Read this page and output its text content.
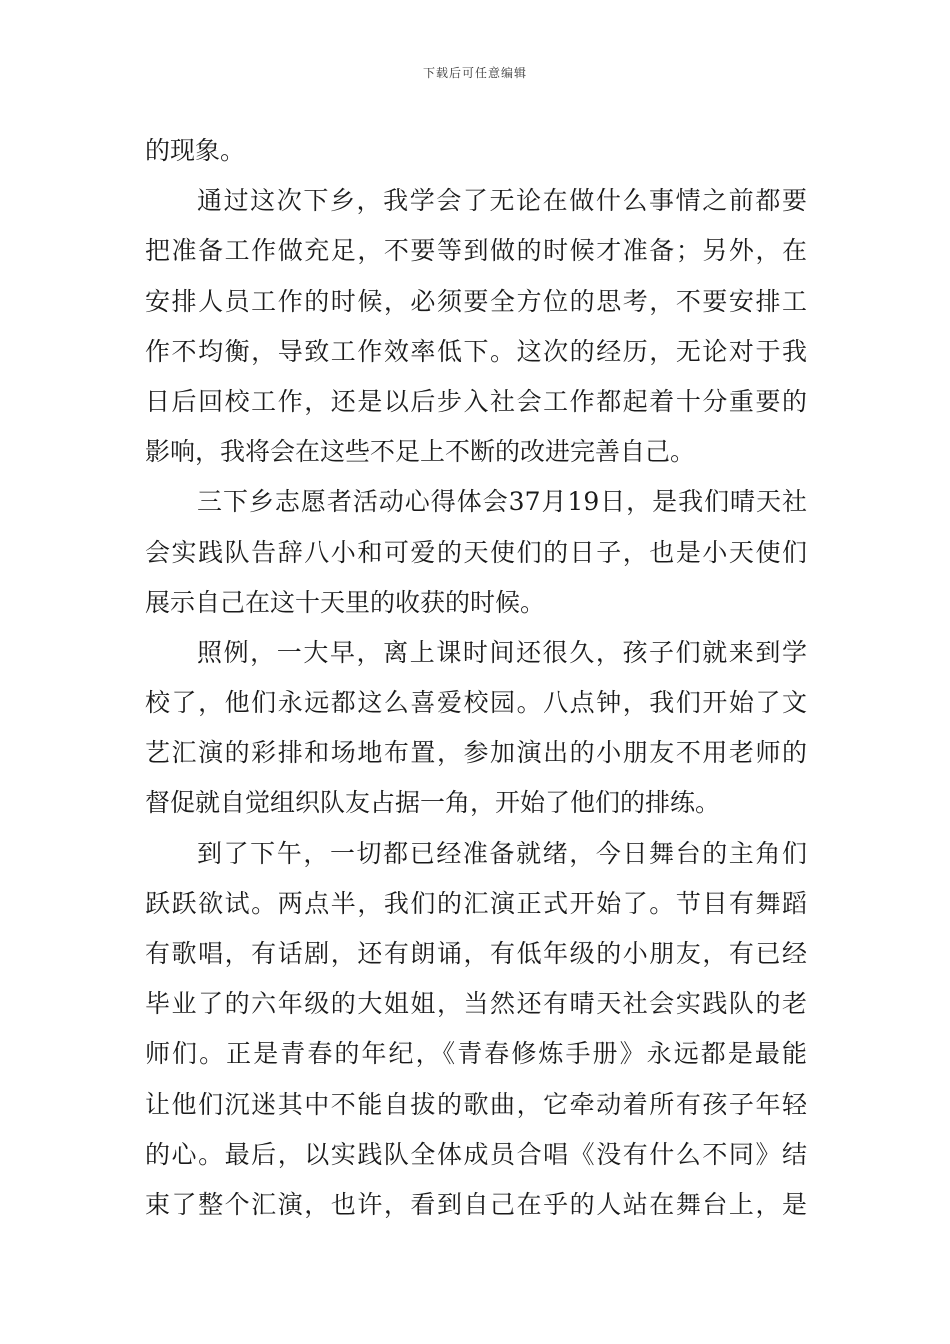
下载后可任意编辑
的现象。
通过这次下乡，我学会了无论在做什么事情之前都要
把准备工作做充足，不要等到做的时候才准备；另外，在
安排人员工作的时候，必须要全方位的思考，不要安排工
作不均衡，导致工作效率低下。这次的经历，无论对于我
日后回校工作，还是以后步入社会工作都起着十分重要的
影响，我将会在这些不足上不断的改进完善自己。
三下乡志愿者活动心得体会37月19日，是我们晴天社
会实践队告辞八小和可爱的天使们的日子，也是小天使们
展示自己在这十天里的收获的时候。
照例，一大早，离上课时间还很久，孩子们就来到学
校了，他们永远都这么喜爱校园。八点钟，我们开始了文
艺汇演的彩排和场地布置，参加演出的小朋友不用老师的
督促就自觉组织队友占据一角，开始了他们的排练。
到了下午，一切都已经准备就绪，今日舞台的主角们
跃跃欲试。两点半，我们的汇演正式开始了。节目有舞蹈
有歌唱，有话剧，还有朗诵，有低年级的小朋友，有已经
毕业了的六年级的大姐姐，当然还有晴天社会实践队的老
师们。正是青春的年纪，《青春修炼手册》永远都是最能
让他们沉迷其中不能自拔的歌曲，它牵动着所有孩子年轻
的心。最后，以实践队全体成员合唱《没有什么不同》结
束了整个汇演，也许，看到自己在乎的人站在舞台上，是
